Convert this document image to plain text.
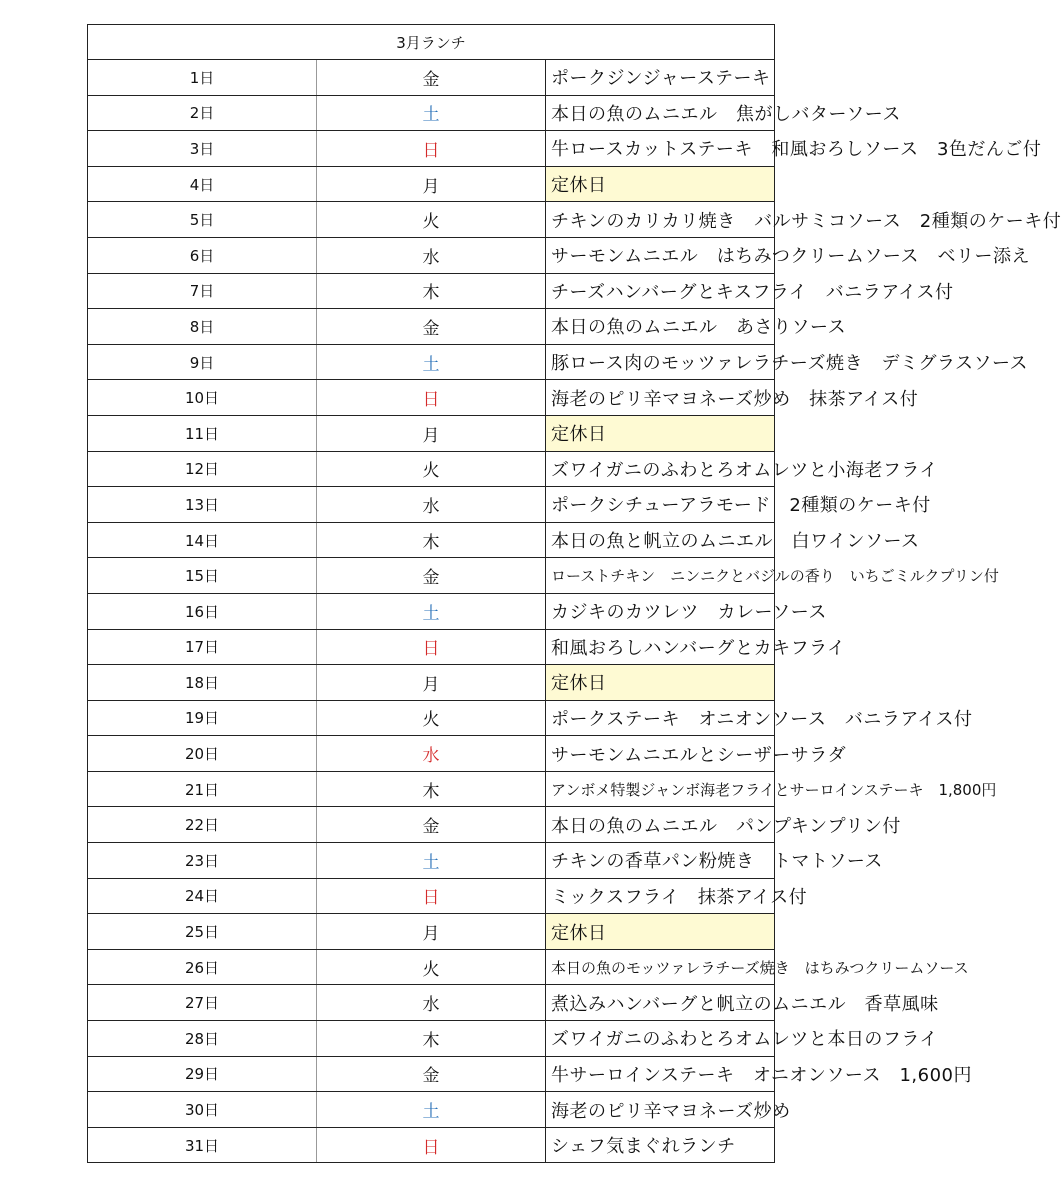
3月ランチ		
1日	金	ポークジンジャーステーキ
2日	土	本日の魚のムニエル　焦がしバターソース
3日	日	牛ロースカットステーキ　和風おろしソース　3色だんご付
4日	月	定休日
5日	火	チキンのカリカリ焼き　バルサミコソース　2種類のケーキ付
6日	水	サーモンムニエル　はちみつクリームソース　ベリー添え
7日	木	チーズハンバーグとキスフライ　バニラアイス付
8日	金	本日の魚のムニエル　あさりソース
9日	土	豚ロース肉のモッツァレラチーズ焼き　デミグラスソース
10日	日	海老のピリ辛マヨネーズ炒め　抹茶アイス付
11日	月	定休日
12日	火	ズワイガニのふわとろオムレツと小海老フライ
13日	水	ポークシチューアラモード　2種類のケーキ付
14日	木	本日の魚と帆立のムニエル　白ワインソース
15日	金	ローストチキン　ニンニクとバジルの香り　いちごミルクプリン付
16日	土	カジキのカツレツ　カレーソース
17日	日	和風おろしハンバーグとカキフライ
18日	月	定休日
19日	火	ポークステーキ　オニオンソース　バニラアイス付
20日	水	サーモンムニエルとシーザーサラダ
21日	木	アンボメ特製ジャンボ海老フライとサーロインステーキ　1,800円
22日	金	本日の魚のムニエル　パンプキンプリン付
23日	土	チキンの香草パン粉焼き　トマトソース
24日	日	ミックスフライ　抹茶アイス付
25日	月	定休日
26日	火	本日の魚のモッツァレラチーズ焼き　はちみつクリームソース
27日	水	煮込みハンバーグと帆立のムニエル　香草風味
28日	木	ズワイガニのふわとろオムレツと本日のフライ
29日	金	牛サーロインステーキ　オニオンソース　1,600円
30日	土	海老のピリ辛マヨネーズ炒め
31日	日	シェフ気まぐれランチ
